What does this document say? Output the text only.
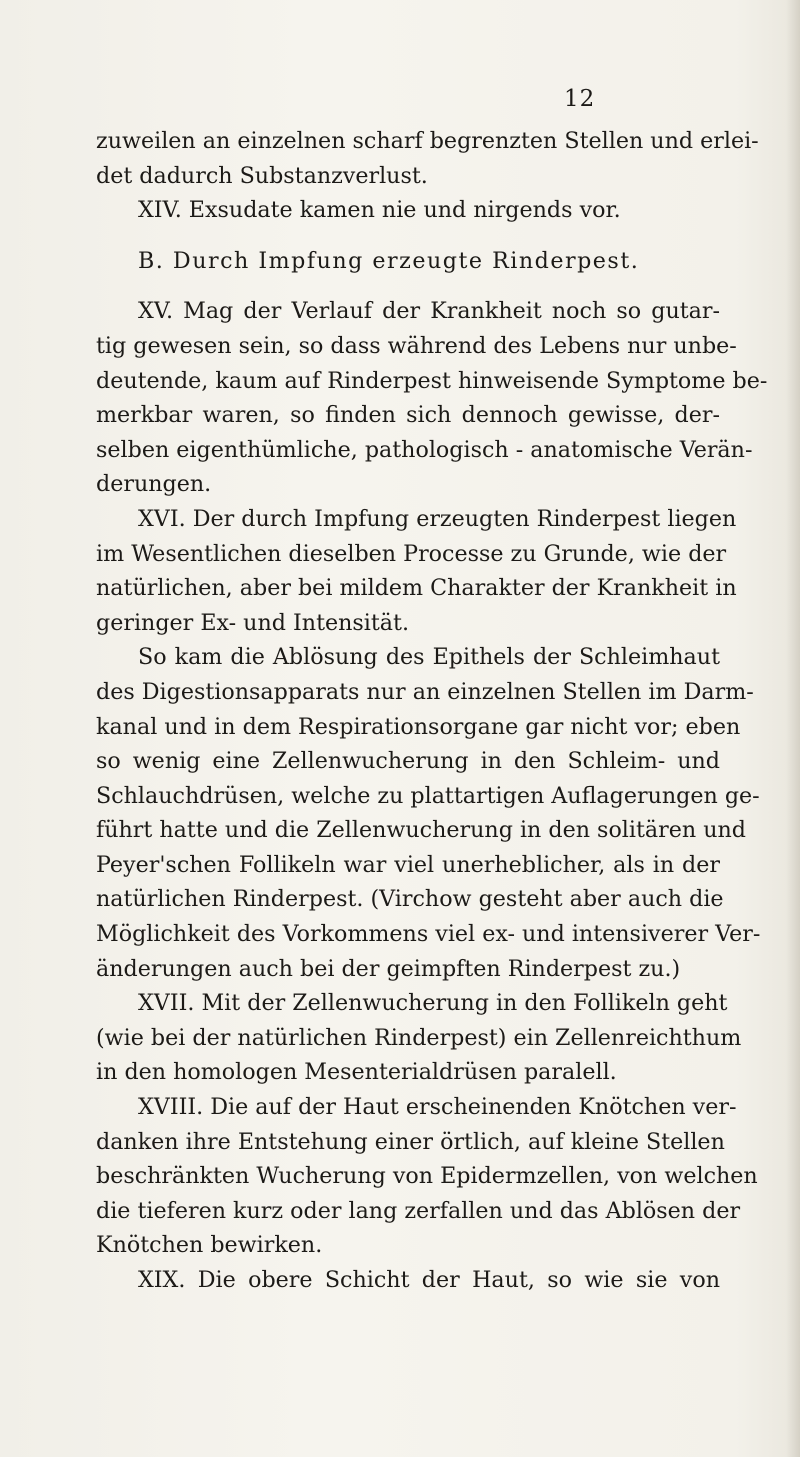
12
zuweilen an einzelnen scharf begrenzten Stellen und erlei-
det dadurch Substanzverlust.
XIV. Exsudate kamen nie und nirgends vor.
B. Durch Impfung erzeugte Rinderpest.
XV. Mag der Verlauf der Krankheit noch so gutar-
tig gewesen sein, so dass während des Lebens nur unbe-
deutende, kaum auf Rinderpest hinweisende Symptome be-
merkbar waren, so finden sich dennoch gewisse, der-
selben eigenthümliche, pathologisch - anatomische Verän-
derungen.
XVI. Der durch Impfung erzeugten Rinderpest liegen
im Wesentlichen dieselben Processe zu Grunde, wie der
natürlichen, aber bei mildem Charakter der Krankheit in
geringer Ex- und Intensität.
So kam die Ablösung des Epithels der Schleimhaut
des Digestionsapparats nur an einzelnen Stellen im Darm-
kanal und in dem Respirationsorgane gar nicht vor; eben
so wenig eine Zellenwucherung in den Schleim- und
Schlauchdrüsen, welche zu plattartigen Auflagerungen ge-
führt hatte und die Zellenwucherung in den solitären und
Peyer'schen Follikeln war viel unerheblicher, als in der
natürlichen Rinderpest. (Virchow gesteht aber auch die
Möglichkeit des Vorkommens viel ex- und intensiverer Ver-
änderungen auch bei der geimpften Rinderpest zu.)
XVII. Mit der Zellenwucherung in den Follikeln geht
(wie bei der natürlichen Rinderpest) ein Zellenreichthum
in den homologen Mesenterialdrüsen paralell.
XVIII. Die auf der Haut erscheinenden Knötchen ver-
danken ihre Entstehung einer örtlich, auf kleine Stellen
beschränkten Wucherung von Epidermzellen, von welchen
die tieferen kurz oder lang zerfallen und das Ablösen der
Knötchen bewirken.
XIX. Die obere Schicht der Haut, so wie sie von
